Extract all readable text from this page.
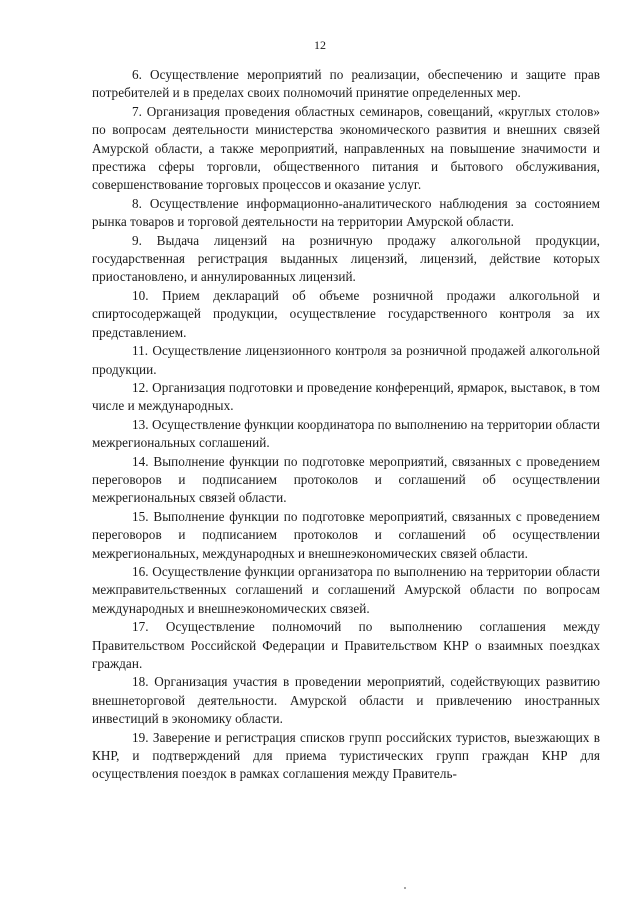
12

6. Осуществление мероприятий по реализации, обеспечению и защите прав потребителей и в пределах своих полномочий принятие определенных мер.

7. Организация проведения областных семинаров, совещаний, «круглых столов» по вопросам деятельности министерства экономического развития и внешних связей Амурской области, а также мероприятий, направленных на повышение значимости и престижа сферы торговли, общественного питания и бытового обслуживания, совершенствование торговых процессов и оказание услуг.

8. Осуществление информационно-аналитического наблюдения за состоянием рынка товаров и торговой деятельности на территории Амурской области.

9. Выдача лицензий на розничную продажу алкогольной продукции, государственная регистрация выданных лицензий, лицензий, действие которых приостановлено, и аннулированных лицензий.

10. Прием деклараций об объеме розничной продажи алкогольной и спиртосодержащей продукции, осуществление государственного контроля за их представлением.

11. Осуществление лицензионного контроля за розничной продажей алкогольной продукции.

12. Организация подготовки и проведение конференций, ярмарок, выставок, в том числе и международных.

13. Осуществление функции координатора по выполнению на территории области межрегиональных соглашений.

14. Выполнение функции по подготовке мероприятий, связанных с проведением переговоров и подписанием протоколов и соглашений об осуществлении межрегиональных связей области.

15. Выполнение функции по подготовке мероприятий, связанных с проведением переговоров и подписанием протоколов и соглашений об осуществлении межрегиональных, международных и внешнеэкономических связей области.

16. Осуществление функции организатора по выполнению на территории области межправительственных соглашений и соглашений Амурской области по вопросам международных и внешнеэкономических связей.

17. Осуществление полномочий по выполнению соглашения между Правительством Российской Федерации и Правительством КНР о взаимных поездках граждан.

18. Организация участия в проведении мероприятий, содействующих развитию внешнеторговой деятельности. Амурской области и привлечению иностранных инвестиций в экономику области.

19. Заверение и регистрация списков групп российских туристов, выезжающих в КНР, и подтверждений для приема туристических групп граждан КНР для осуществления поездок в рамках соглашения между Правитель-
